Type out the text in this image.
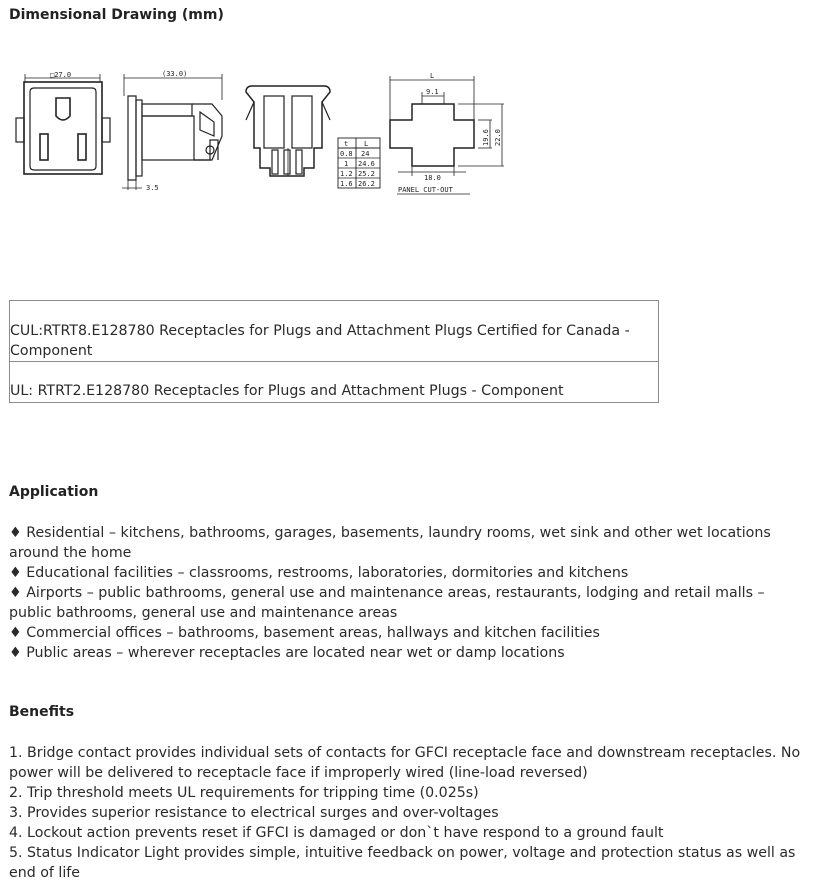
Dimensional Drawing (mm)
□27.0	(33.0)
3.5
t L
0.8 24
1 24.6
1.2 25.2
1.6 26.2
L
9.1
18.0
19.6 22.0
PANEL CUT-OUT
CUL:RTRT8.E128780 Receptacles for Plugs and Attachment Plugs Certified for Canada - Component
UL: RTRT2.E128780 Receptacles for Plugs and Attachment Plugs - Component
Application
♦ Residential – kitchens, bathrooms, garages, basements, laundry rooms, wet sink and other wet locations around the home
♦ Educational facilities – classrooms, restrooms, laboratories, dormitories and kitchens
♦ Airports – public bathrooms, general use and maintenance areas, restaurants, lodging and retail malls – public bathrooms, general use and maintenance areas
♦ Commercial offices – bathrooms, basement areas, hallways and kitchen facilities
♦ Public areas – wherever receptacles are located near wet or damp locations
Benefits
1. Bridge contact provides individual sets of contacts for GFCI receptacle face and downstream receptacles. No power will be delivered to receptacle face if improperly wired (line-load reversed)
2. Trip threshold meets UL requirements for tripping time (0.025s)
3. Provides superior resistance to electrical surges and over-voltages
4. Lockout action prevents reset if GFCI is damaged or don`t have respond to a ground fault
5. Status Indicator Light provides simple, intuitive feedback on power, voltage and protection status as well as end of life
